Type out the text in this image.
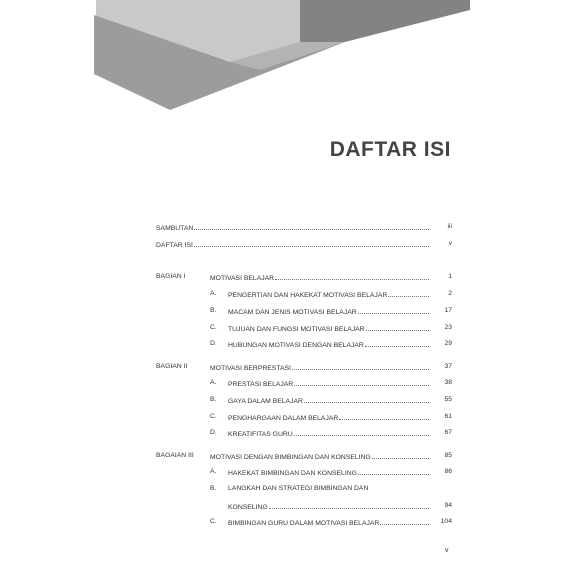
DAFTAR ISI
SAMBUTAN	iii
DAFTAR ISI	v
BAGIAN I	MOTIVASI BELAJAR	1
A. PENGERTIAN DAN HAKEKAT MOTIVASI BELAJAR	2
B. MACAM DAN JENIS MOTIVASI BELAJAR	17
C. TUJUAN DAN FUNGSI MOTIVASI BELAJAR	23
D. HUBUNGAN MOTIVASI DENGAN BELAJAR	29
BAGIAN II	MOTIVASI BERPRESTASI	37
A. PRESTASI BELAJAR	38
B. GAYA DALAM BELAJAR	55
C. PENGHARGAAN DALAM BELAJAR	61
D. KREATIFITAS GURU	67
BAGAIAN III MOTIVASI DENGAN BIMBINGAN DAN KONSELING	85
A. HAKEKAT BIMBINGAN DAN KONSELING	86
B. LANGKAH DAN STRATEGI BIMBINGAN DAN
KONSELING	94
C. BIMBINGAN GURU DALAM MOTIVASI BELAJAR	104
v
